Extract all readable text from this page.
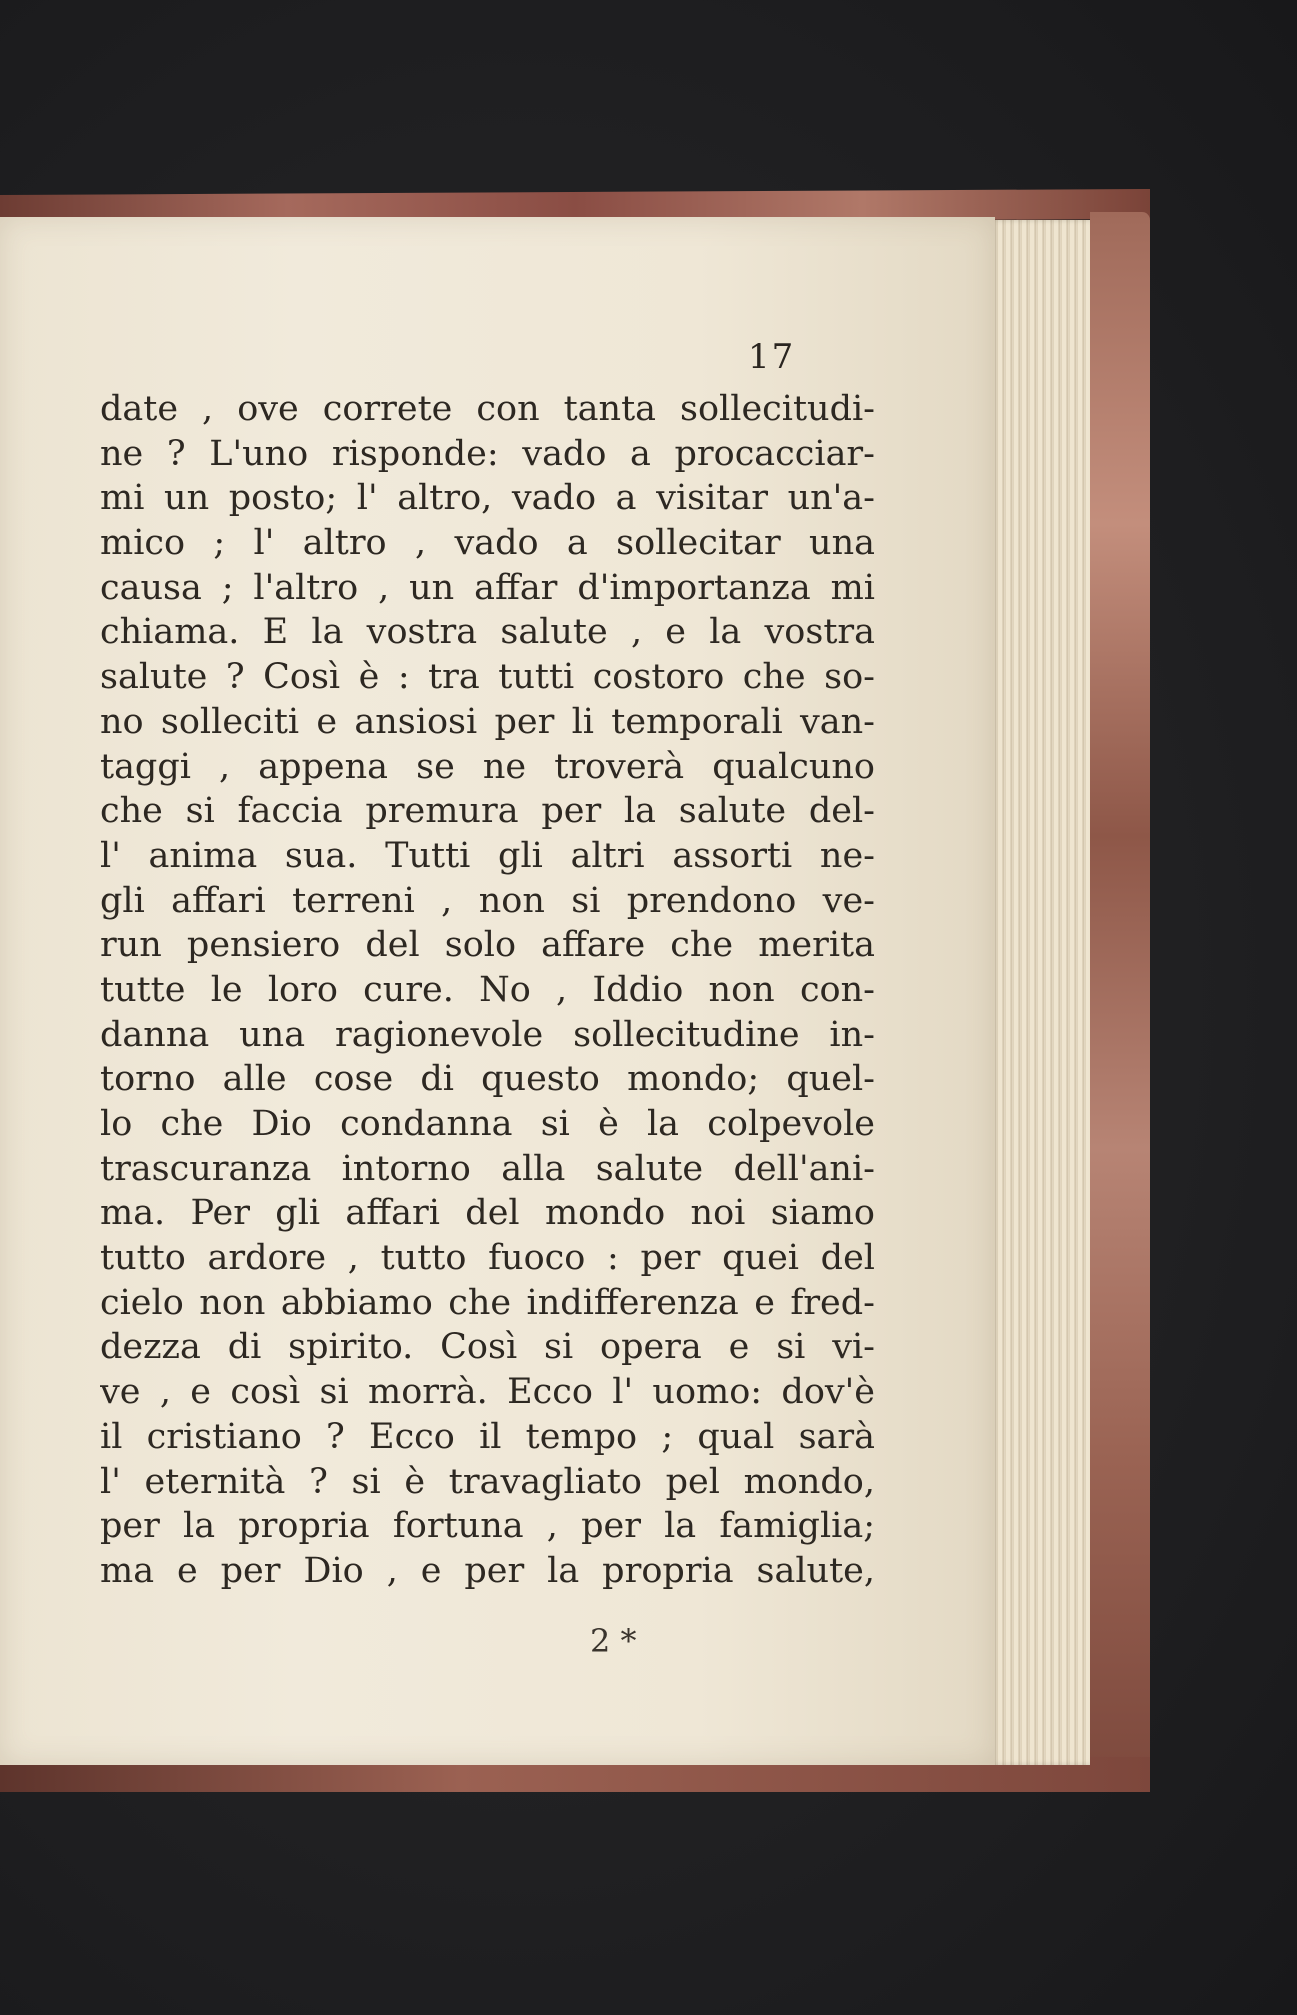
17
date , ove correte con tanta sollecitudi-
ne ? L'uno risponde: vado a procacciar-
mi un posto; l' altro, vado a visitar un'a-
mico ; l' altro , vado a sollecitar una
causa ; l'altro , un affar d'importanza mi
chiama. E la vostra salute , e la vostra
salute ? Così è : tra tutti costoro che so-
no solleciti e ansiosi per li temporali van-
taggi , appena se ne troverà qualcuno
che si faccia premura per la salute del-
l' anima sua. Tutti gli altri assorti ne-
gli affari terreni , non si prendono ve-
run pensiero del solo affare che merita
tutte le loro cure. No , Iddio non con-
danna una ragionevole sollecitudine in-
torno alle cose di questo mondo; quel-
lo che Dio condanna si è la colpevole
trascuranza intorno alla salute dell'ani-
ma. Per gli affari del mondo noi siamo
tutto ardore , tutto fuoco : per quei del
cielo non abbiamo che indifferenza e fred-
dezza di spirito. Così si opera e si vi-
ve , e così si morrà. Ecco l' uomo: dov'è
il cristiano ? Ecco il tempo ; qual sarà
l' eternità ? si è travagliato pel mondo,
per la propria fortuna , per la famiglia;
ma e per Dio , e per la propria salute,
2 *
